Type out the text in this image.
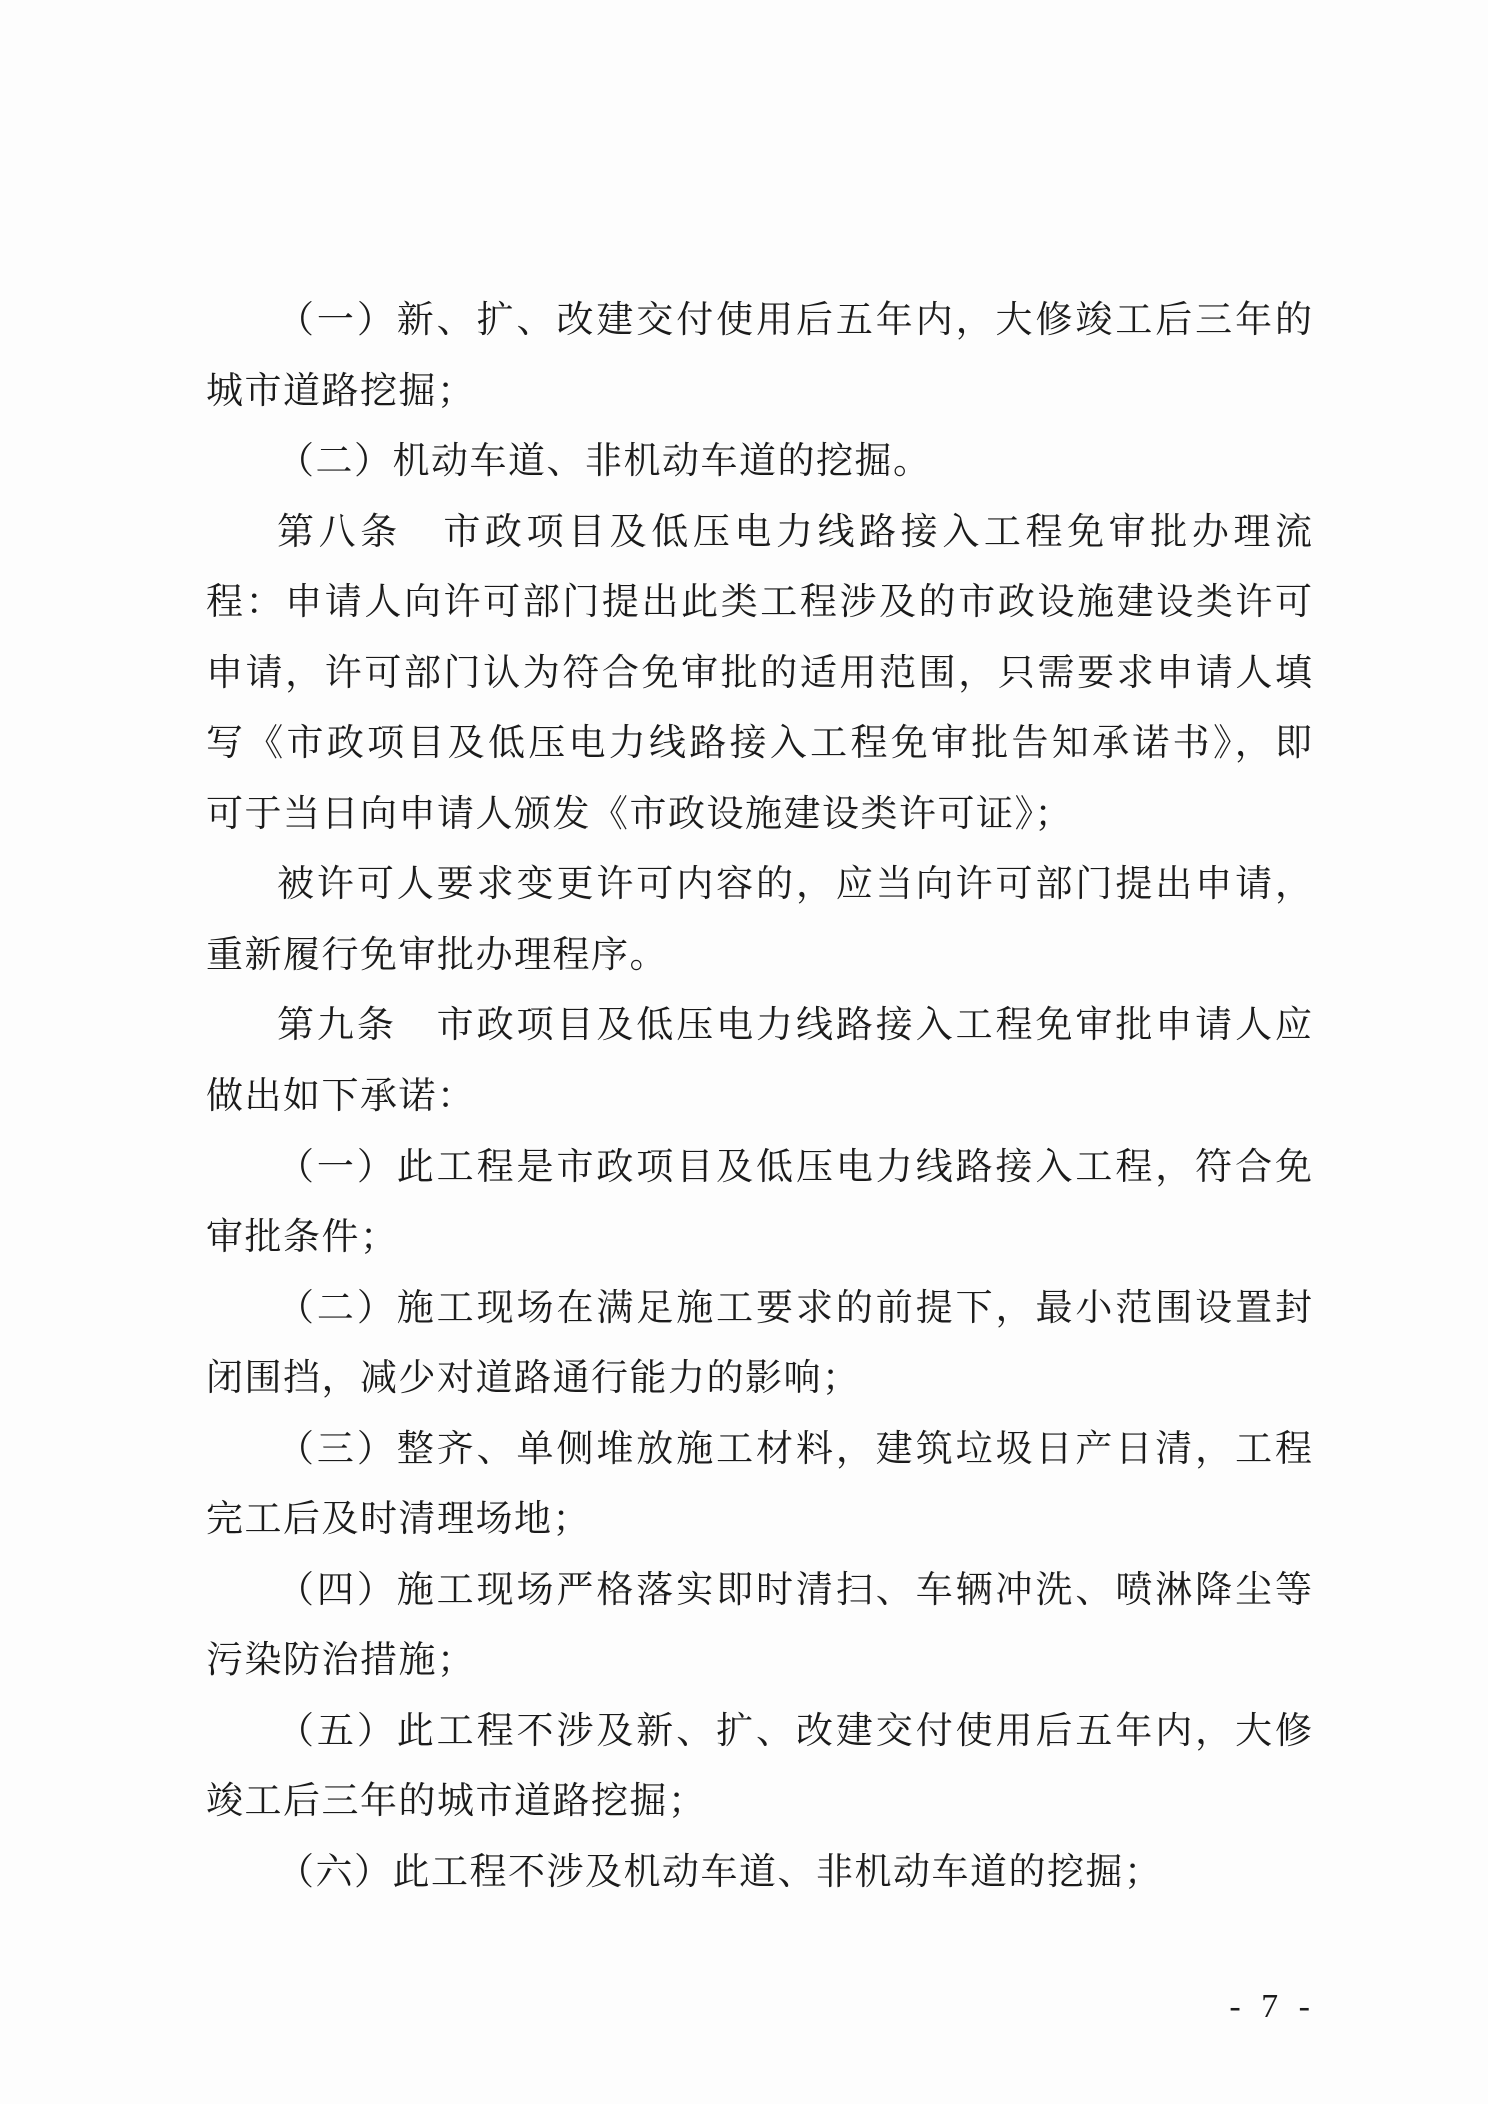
（一）新、扩、改建交付使用后五年内，大修竣工后三年的
城市道路挖掘；
（二）机动车道、非机动车道的挖掘。
第八条　市政项目及低压电力线路接入工程免审批办理流
程：申请人向许可部门提出此类工程涉及的市政设施建设类许可
申请，许可部门认为符合免审批的适用范围，只需要求申请人填
写《市政项目及低压电力线路接入工程免审批告知承诺书》，即
可于当日向申请人颁发《市政设施建设类许可证》；
被许可人要求变更许可内容的，应当向许可部门提出申请，
重新履行免审批办理程序。
第九条　市政项目及低压电力线路接入工程免审批申请人应
做出如下承诺：
（一）此工程是市政项目及低压电力线路接入工程，符合免
审批条件；
（二）施工现场在满足施工要求的前提下，最小范围设置封
闭围挡，减少对道路通行能力的影响；
（三）整齐、单侧堆放施工材料，建筑垃圾日产日清，工程
完工后及时清理场地；
（四）施工现场严格落实即时清扫、车辆冲洗、喷淋降尘等
污染防治措施；
（五）此工程不涉及新、扩、改建交付使用后五年内，大修
竣工后三年的城市道路挖掘；
（六）此工程不涉及机动车道、非机动车道的挖掘；
- 7 -
